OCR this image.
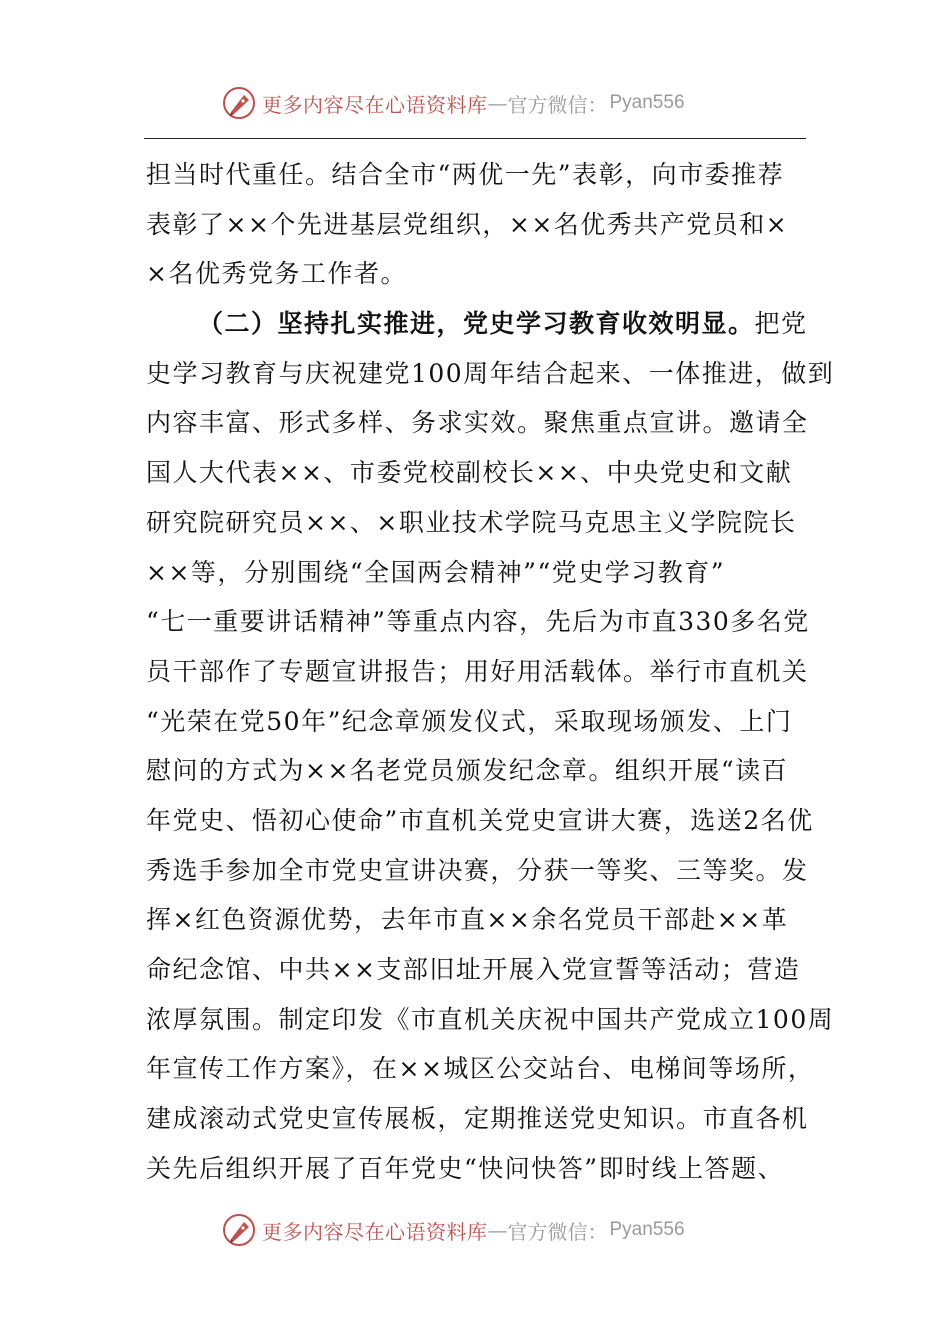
更多内容尽在心语资料库 — 官方微信： Pyan556
担当时代重任。结合全市“两优一先”表彰，向市委推荐
表彰了××个先进基层党组织，××名优秀共产党员和×
×名优秀党务工作者。
（二）坚持扎实推进，党史学习教育收效明显。把党
史学习教育与庆祝建党100周年结合起来、一体推进，做到
内容丰富、形式多样、务求实效。聚焦重点宣讲。邀请全
国人大代表××、市委党校副校长××、中央党史和文献
研究院研究员××、×职业技术学院马克思主义学院院长
××等，分别围绕“全国两会精神”“党史学习教育”
“七一重要讲话精神”等重点内容，先后为市直330多名党
员干部作了专题宣讲报告；用好用活载体。举行市直机关
“光荣在党50年”纪念章颁发仪式，采取现场颁发、上门
慰问的方式为××名老党员颁发纪念章。组织开展“读百
年党史、悟初心使命”市直机关党史宣讲大赛，选送2名优
秀选手参加全市党史宣讲决赛，分获一等奖、三等奖。发
挥×红色资源优势，去年市直××余名党员干部赴××革
命纪念馆、中共××支部旧址开展入党宣誓等活动；营造
浓厚氛围。制定印发《市直机关庆祝中国共产党成立100周
年宣传工作方案》，在××城区公交站台、电梯间等场所，
建成滚动式党史宣传展板，定期推送党史知识。市直各机
关先后组织开展了百年党史“快问快答”即时线上答题、
更多内容尽在心语资料库 — 官方微信： Pyan556
